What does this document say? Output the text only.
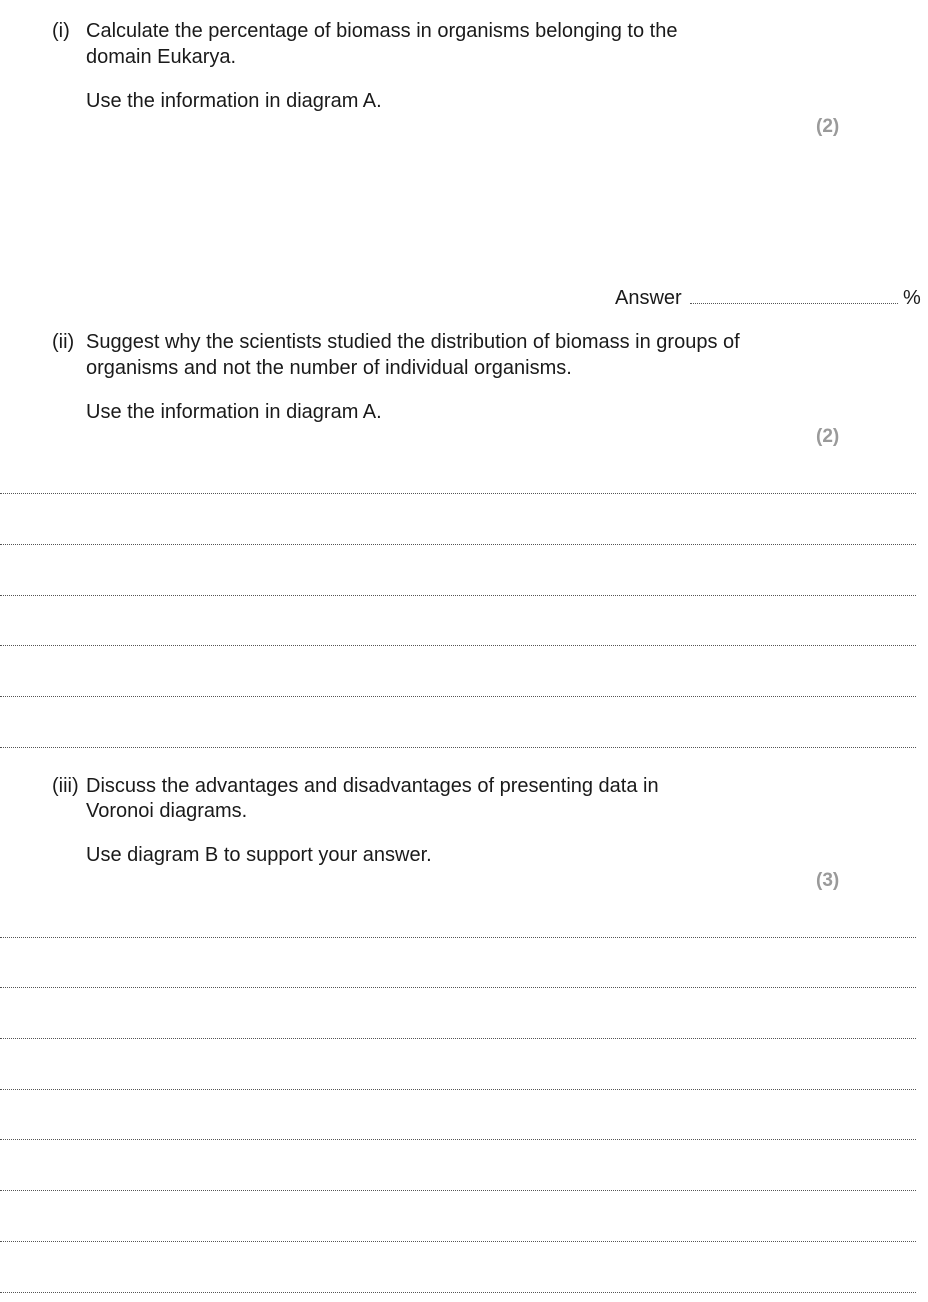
(i) Calculate the percentage of biomass in organisms belonging to the
domain Eukarya.
Use the information in diagram A.
(2)
Answer	%
(ii) Suggest why the scientists studied the distribution of biomass in groups of
organisms and not the number of individual organisms.
Use the information in diagram A.
(2)
(iii) Discuss the advantages and disadvantages of presenting data in
Voronoi diagrams.
Use diagram B to support your answer.
(3)
